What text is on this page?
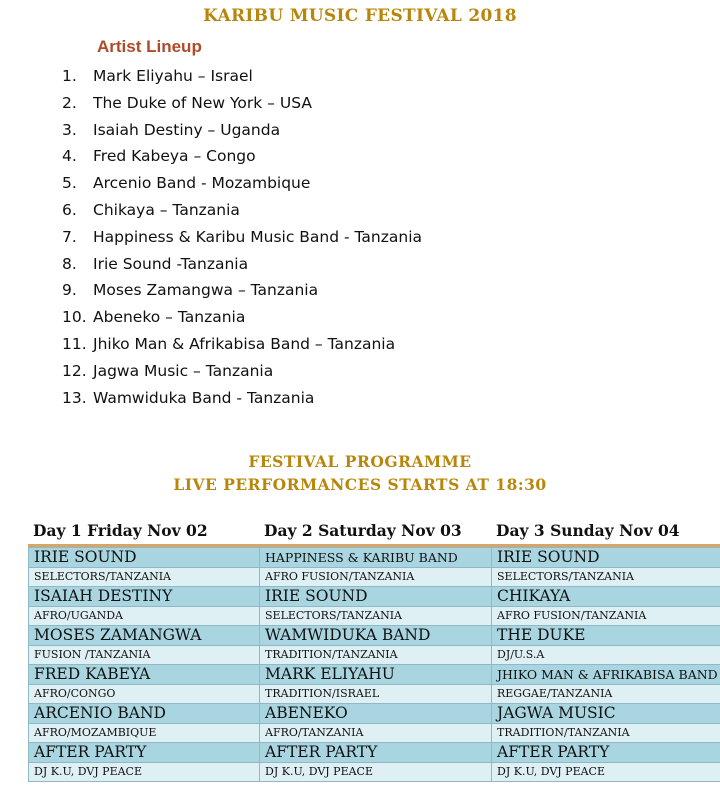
KARIBU MUSIC FESTIVAL 2018
Artist Lineup
1. Mark Eliyahu – Israel
2. The Duke of New York – USA
3. Isaiah Destiny – Uganda
4. Fred Kabeya – Congo
5. Arcenio Band - Mozambique
6. Chikaya – Tanzania
7. Happiness & Karibu Music Band - Tanzania
8. Irie Sound -Tanzania
9. Moses Zamangwa – Tanzania
10. Abeneko – Tanzania
11. Jhiko Man & Afrikabisa Band – Tanzania
12. Jagwa Music – Tanzania
13. Wamwiduka Band - Tanzania
FESTIVAL PROGRAMME
LIVE PERFORMANCES STARTS AT 18:30
Day 1 Friday Nov 02	Day 2 Saturday Nov 03	Day 3 Sunday Nov 04
IRIE SOUND	HAPPINESS & KARIBU BAND	IRIE SOUND
SELECTORS/TANZANIA	AFRO FUSION/TANZANIA	SELECTORS/TANZANIA
ISAIAH DESTINY	IRIE SOUND	CHIKAYA
AFRO/UGANDA	SELECTORS/TANZANIA	AFRO FUSION/TANZANIA
MOSES ZAMANGWA	WAMWIDUKA BAND	THE DUKE
FUSION /TANZANIA	TRADITION/TANZANIA	DJ/U.S.A
FRED KABEYA	MARK ELIYAHU	JHIKO MAN & AFRIKABISA BAND
AFRO/CONGO	TRADITION/ISRAEL	REGGAE/TANZANIA
ARCENIO BAND	ABENEKO	JAGWA MUSIC
AFRO/MOZAMBIQUE	AFRO/TANZANIA	TRADITION/TANZANIA
AFTER PARTY	AFTER PARTY	AFTER PARTY
DJ K.U, DVJ PEACE	DJ K.U, DVJ PEACE	DJ K.U, DVJ PEACE
